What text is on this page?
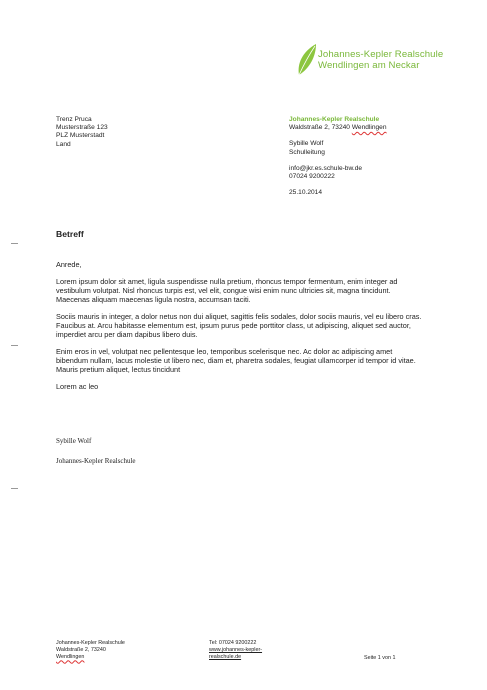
Johannes-Kepler Realschule
Wendlingen am Neckar
Trenz Pruca
Musterstraße 123
PLZ Musterstadt
Land
Johannes-Kepler Realschule
Waldstraße 2, 73240 Wendlingen
Sybille Wolf
Schulleitung
info@jkr.es.schule-bw.de
07024 9200222
25.10.2014
Betreff

Anrede,

Lorem ipsum dolor sit amet, ligula suspendisse nulla pretium, rhoncus tempor fermentum, enim integer ad vestibulum volutpat. Nisl rhoncus turpis est, vel elit, congue wisi enim nunc ultricies sit, magna tincidunt. Maecenas aliquam maecenas ligula nostra, accumsan taciti.

Sociis mauris in integer, a dolor netus non dui aliquet, sagittis felis sodales, dolor sociis mauris, vel eu libero cras. Faucibus at. Arcu habitasse elementum est, ipsum purus pede porttitor class, ut adipiscing, aliquet sed auctor, imperdiet arcu per diam dapibus libero duis.

Enim eros in vel, volutpat nec pellentesque leo, temporibus scelerisque nec. Ac dolor ac adipiscing amet bibendum nullam, lacus molestie ut libero nec, diam et, pharetra sodales, feugiat ullamcorper id tempor id vitae. Mauris pretium aliquet, lectus tincidunt

Lorem ac leo

Sybille Wolf
Johannes-Kepler Realschule
Johannes-Kepler Realschule
Waldstraße 2, 73240
Wendlingen
Tel: 07024 9200222
www.johannes-kepler-
realschule.de	Seite 1 von 1
